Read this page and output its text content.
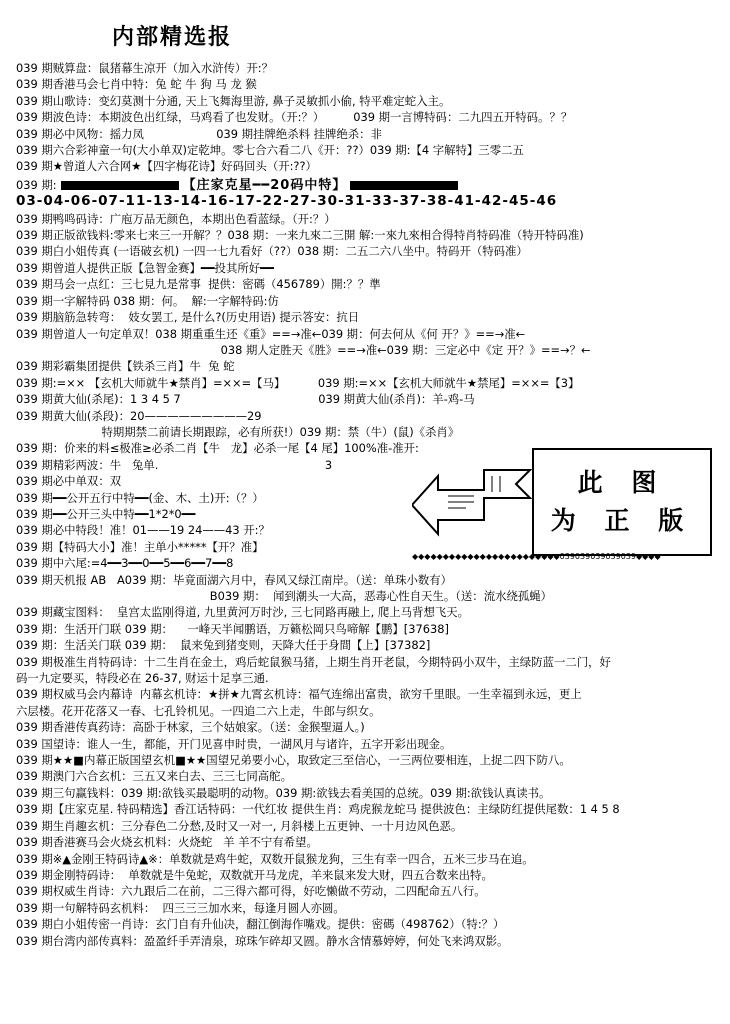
内部精选报

039 期贼算盘：鼠猪幕生凉开（加入水浒传）开:？

039 期香港马会七肖中特：兔 蛇 牛 狗 马 龙 猴

039 期山歌诗：变幻莫测十分通, 天上飞舞海里游, 鼻子灵敏抓小偷, 特平难定蛇入主。

039 期波色诗：本期波色出红绿，马鸡看了也发财。（开:？）        039 期一言博特码：二九四五开特码。？？

039 期必中风物：摇力凤                    039 期挂牌绝杀料 挂牌绝杀：非

039 期六合彩神童一句(大小单双)定乾坤。零七合六看二八《开：??）039 期:【4 字解特】三零二五

039 期★曾道人六合网★【四字梅花诗】好码回头（开:??）

039 期:	【庄家克星━━20码中特】

03-04-06-07-11-13-14-16-17-22-27-30-31-33-37-38-41-42-45-46

039 期鸭鸣码诗：广庖万品无颜色，本期出色看蓝绿。（开:？）

039 期正版欲钱料:零来七来三一开解？？038 期：一来九來二三開 解:一來九來相合得特肖特码准（特开特码准)

039 期白小姐传真 (一语破玄机) 一四一七九看好（??）038 期：二五二六八坐中。特码开（特码准）

039 期曾道人提供正版【急智金赛】━━投其所好━━

039 期马会一点红：三七見九是常事  提供：密碼（456789）開:？？準

039 期一字解特码 038 期：何。  解:一字解特码:仿

039 期脑筋急转弯：  妓女罢工, 是什么?(历史用语) 提示答安：抗日

039 期曾道人一句定单双！038 期重重生还《重》==→准←039 期：何去何从《何 开？》==→准←

038 期人定胜天《胜》==→准←039 期：三定必中《定 开？》==→？←

039 期彩霸集团提供【铁杀三肖】牛  兔 蛇

039 期:=×× 【玄机大师就牛★禁肖】=××=【马】         039 期:=××【玄机大师就牛★禁尾】=××=【3】

039 期黄大仙(杀尾)：1 3 4 5 7                                      039 期黄大仙(杀肖)：羊-鸡-马

039 期黄大仙(杀段)：20—————————29

特期期禁二前请长期跟踪，必有所获!）039 期：禁（牛）(鼠)《杀肖》

039 期：价来的料≤极准≥必杀二肖【牛   龙】必杀一尾【4 尾】100%准-准开:

039 期精彩两波：牛   兔单.                                              3

039 期必中单双：双

039 期━━公开五行中特━━(金、木、土)开:（？）

039 期━━公开三头中特━━1*2*0━━

039 期必中特段！准！01——19 24——43 开:？

039 期【特码大小】准！主单小*****【开？准】

039 期中六尾:=4━━3━━0━━5━━6━━7━━8

039 期天机报 AB   A039 期：毕竟面湖六月中，春风又绿江南岸。（送：单珠小数有）

B039 期：  闻到潮头一大高，恶毒心性自天生。（送：流水绕孤蝇）

039 期藏宝图料：  皇宫太监刚得道, 九里黄河万时沙, 三七同路再融上, 爬上马背想飞天。

039 期：生活开门联 039 期：    一峰天半闻鹏语，万籁松岡只鸟啼解【鹏】[37638]

039 期：生活关门联 039 期：  鼠来兔到猪变则，天降大任于身間【上】[37382]

039 期极准生肖特码诗：十二生肖在金土，鸡后蛇鼠猴马猪，上期生肖开老鼠，今期特码小双牛，主绿防蓝一二门，好

码一九定要买，特段必在 26-37, 财运十足享三通.

039 期权威马会内幕诗  内幕玄机诗：★拼★九霄玄机诗：福气连绵出富贵，欲穷千里眼。一生幸福到永远，更上

六层楼。花开花落又一春、七孔铃机见。一四追二六上走，牛郎与织女。

039 期香港传真药诗：高卧于林家，三个姑娘家。（送：金猴聖逼人。)

039 国望诗：谁人一生，都能，开门见喜申时贵，一湖风月与诸许，五字开彩出现金。

039 期★★■内幕正版国望玄机■★★国望兄弟要小心，取致定三至信心，一三两位要相连，上捉二四下防八。

039 期澳门六合玄机：三五又来白去、三三七同高舵。

039 期三句赢钱料：039 期:欲钱买最聪明的动物。039 期:欲钱去看美国的总统。039 期:欲钱认真读书。

039 期【庄家克星. 特码精选】香江话特码：一代红妆 提供生肖：鸡虎猴龙蛇马 提供波色：主绿防红提供尾数：1 4 5 8

039 期生肖趣玄机：三分春色二分愁,及时又一对一, 月斜楼上五更钟、一十月边风色恶。

039 期香港赛马会火烧玄机料：火烧蛇   羊 羊不宁有希望。

039 期※▲金刚王特码诗▲※：单数就是鸡牛蛇，双数开鼠猴龙狗，三生有幸一四合，五米三步马在追。

039 期金刚特码诗：  单数就是牛兔蛇，双数就开马龙虎，羊来鼠来发大财，四五合数来出特。

039 期权威生肖诗：六九跟后二在前，二三得六都可得，好吃懒做不劳动，二四配命五八行。

039 期一句解特码玄机料：  四三三三加水来，每逢月圆人亦圆。

039 期白小姐传密一肖诗：玄门自有升仙决，翻江倒海作嘴戏。提供：密碼（498762）（特:？）

039 期台湾内部传真料：盈盈纤手弄清泉，琼珠乍碎却又圆。静水含情慕婷婷，何处飞来鸿双影。

此 图
为 正 版
◆◆◆◆◆◆◆◆◆◆◆◆◆◆◆◆◆◆◆◆◆◆◆◆039039039039039◆◆◆◆
